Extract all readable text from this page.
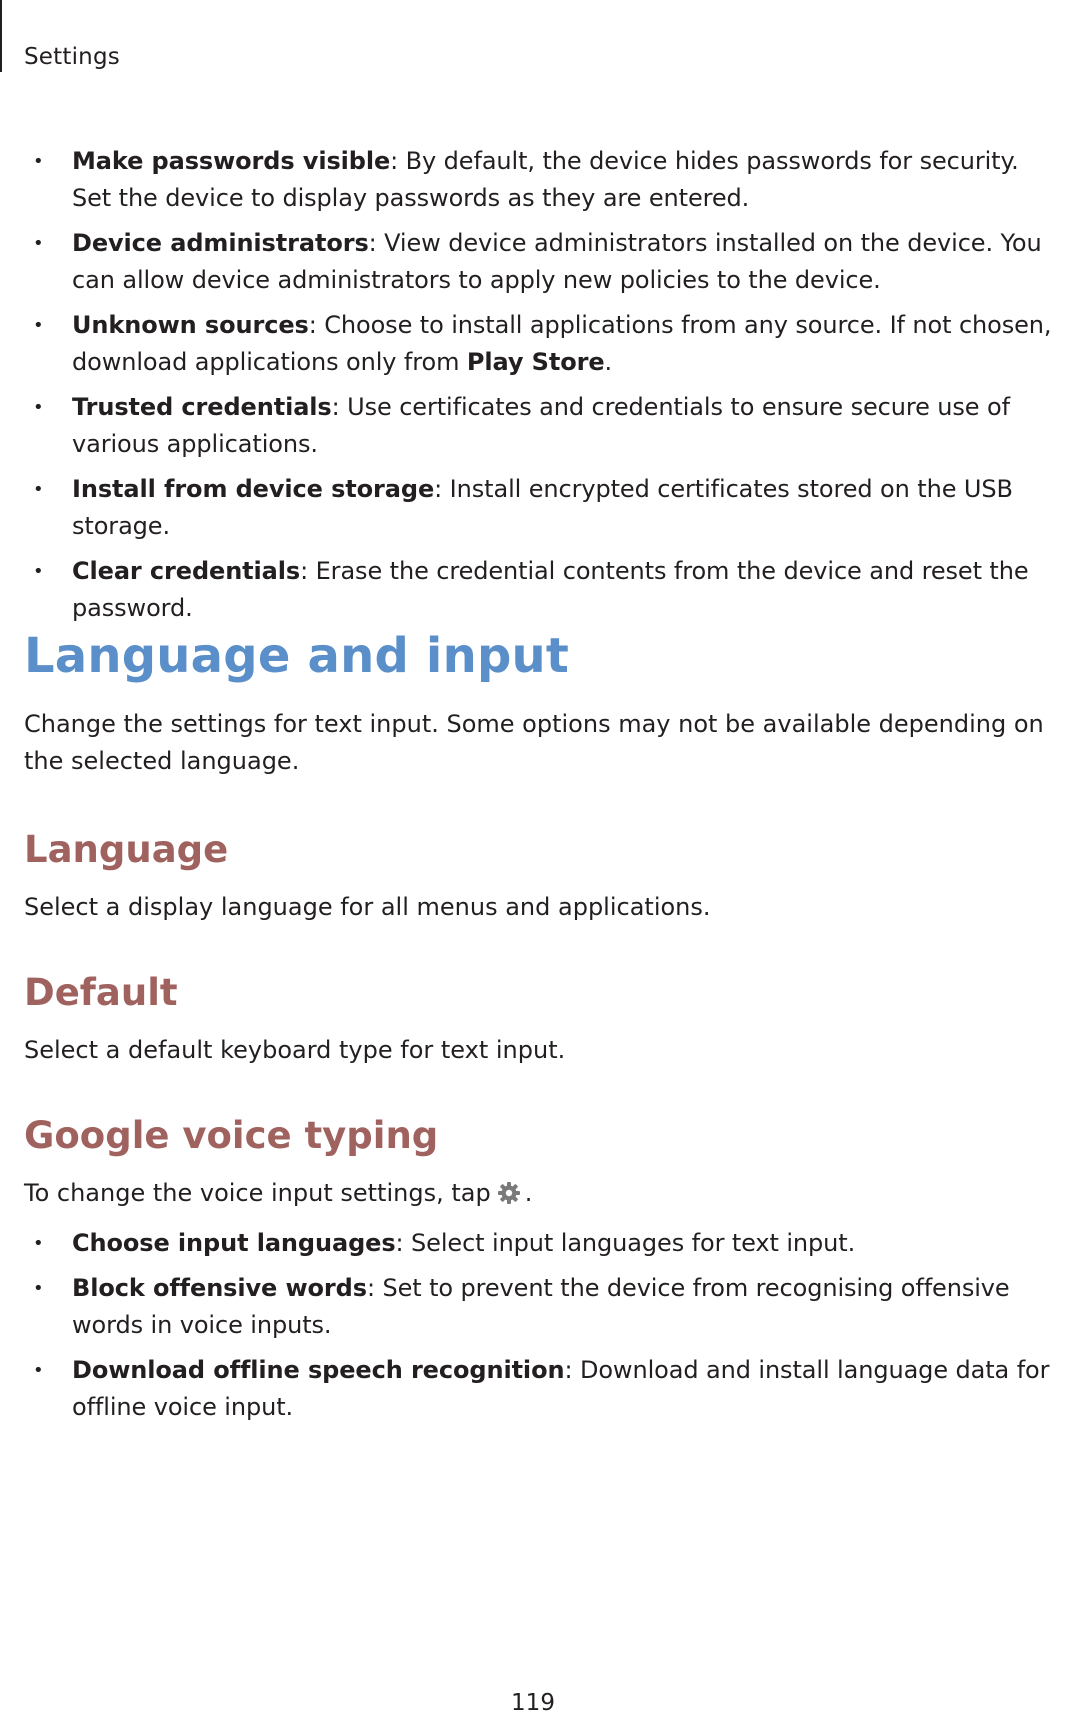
Settings
• Make passwords visible: By default, the device hides passwords for security. Set the device to display passwords as they are entered.
• Device administrators: View device administrators installed on the device. You can allow device administrators to apply new policies to the device.
• Unknown sources: Choose to install applications from any source. If not chosen, download applications only from Play Store.
• Trusted credentials: Use certificates and credentials to ensure secure use of various applications.
• Install from device storage: Install encrypted certificates stored on the USB storage.
• Clear credentials: Erase the credential contents from the device and reset the password.
Language and input

Change the settings for text input. Some options may not be available depending on the selected language.

Language

Select a display language for all menus and applications.

Default

Select a default keyboard type for text input.

Google voice typing

To change the voice input settings, tap .

• Choose input languages: Select input languages for text input.
• Block offensive words: Set to prevent the device from recognising offensive words in voice inputs.
• Download offline speech recognition: Download and install language data for offline voice input.
119
